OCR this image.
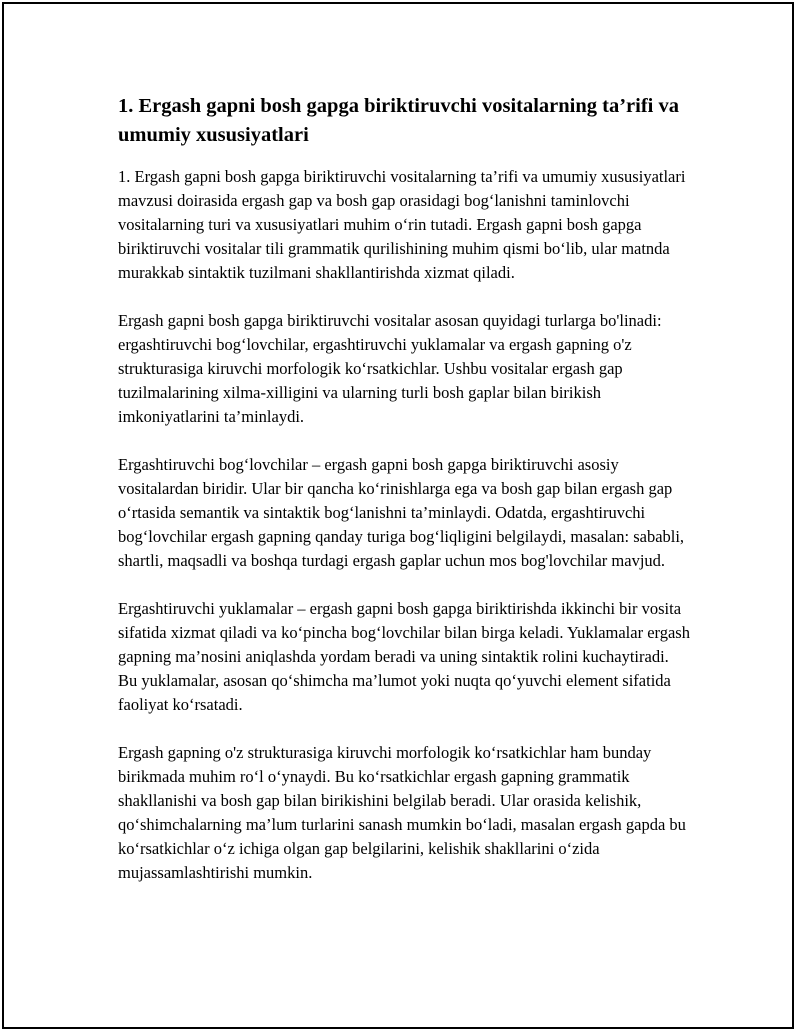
1. Ergash gapni bosh gapga biriktiruvchi vositalarning ta’rifi va umumiy xususiyatlari

1. Ergash gapni bosh gapga biriktiruvchi vositalarning ta’rifi va umumiy xususiyatlari mavzusi doirasida ergash gap va bosh gap orasidagi bog‘lanishni taminlovchi vositalarning turi va xususiyatlari muhim o‘rin tutadi. Ergash gapni bosh gapga biriktiruvchi vositalar tili grammatik qurilishining muhim qismi bo‘lib, ular matnda murakkab sintaktik tuzilmani shakllantirishda xizmat qiladi.

Ergash gapni bosh gapga biriktiruvchi vositalar asosan quyidagi turlarga bo'linadi: ergashtiruvchi bog‘lovchilar, ergashtiruvchi yuklamalar va ergash gapning o'z strukturasiga kiruvchi morfologik ko‘rsatkichlar. Ushbu vositalar ergash gap tuzilmalarining xilma-xilligini va ularning turli bosh gaplar bilan birikish imkoniyatlarini ta’minlaydi.

Ergashtiruvchi bog‘lovchilar – ergash gapni bosh gapga biriktiruvchi asosiy vositalardan biridir. Ular bir qancha ko‘rinishlarga ega va bosh gap bilan ergash gap o‘rtasida semantik va sintaktik bog‘lanishni ta’minlaydi. Odatda, ergashtiruvchi bog‘lovchilar ergash gapning qanday turiga bog‘liqligini belgilaydi, masalan: sababli, shartli, maqsadli va boshqa turdagi ergash gaplar uchun mos bog'lovchilar mavjud.

Ergashtiruvchi yuklamalar – ergash gapni bosh gapga biriktirishda ikkinchi bir vosita sifatida xizmat qiladi va ko‘pincha bog‘lovchilar bilan birga keladi. Yuklamalar ergash gapning ma’nosini aniqlashda yordam beradi va uning sintaktik rolini kuchaytiradi. Bu yuklamalar, asosan qo‘shimcha ma’lumot yoki nuqta qo‘yuvchi element sifatida faoliyat ko‘rsatadi.

Ergash gapning o'z strukturasiga kiruvchi morfologik ko‘rsatkichlar ham bunday birikmada muhim ro‘l o‘ynaydi. Bu ko‘rsatkichlar ergash gapning grammatik shakllanishi va bosh gap bilan birikishini belgilab beradi. Ular orasida kelishik, qo‘shimchalarning ma’lum turlarini sanash mumkin bo‘ladi, masalan ergash gapda bu ko‘rsatkichlar o‘z ichiga olgan gap belgilarini, kelishik shakllarini o‘zida mujassamlashtirishi mumkin.
